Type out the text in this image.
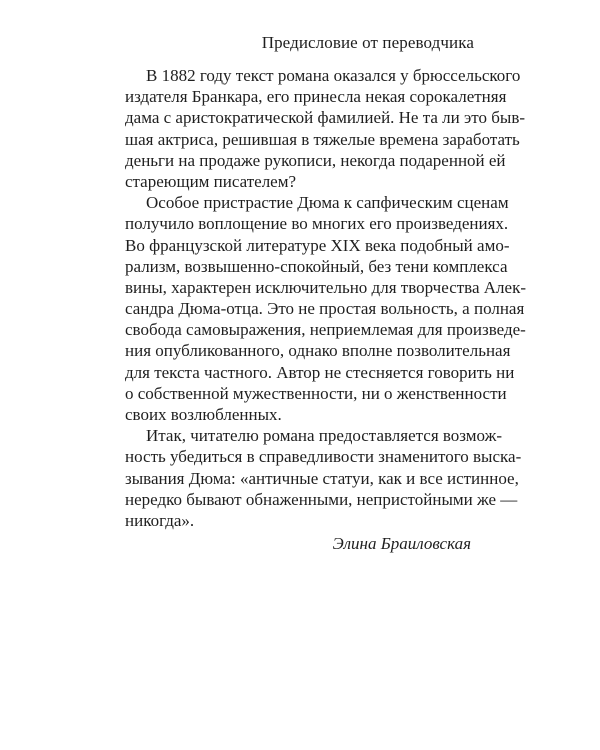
Предисловие от переводчика
В 1882 году текст романа оказался у брюссельского
издателя Бранкара, его принесла некая сорокалетняя
дама с аристократической фамилией. Не та ли это быв-
шая актриса, решившая в тяжелые времена заработать
деньги на продаже рукописи, некогда подаренной ей
стареющим писателем?
Особое пристрастие Дюма к сапфическим сценам
получило воплощение во многих его произведениях.
Во французской литературе XIX века подобный амо-
рализм, возвышенно-спокойный, без тени комплекса
вины, характерен исключительно для творчества Алек-
сандра Дюма-отца. Это не простая вольность, а полная
свобода самовыражения, неприемлемая для произведе-
ния опубликованного, однако вполне позволительная
для текста частного. Автор не стесняется говорить ни
о собственной мужественности, ни о женственности
своих возлюбленных.
Итак, читателю романа предоставляется возмож-
ность убедиться в справедливости знаменитого выска-
зывания Дюма: «античные статуи, как и все истинное,
нередко бывают обнаженными, непристойными же —
никогда».
Элина Браиловская
